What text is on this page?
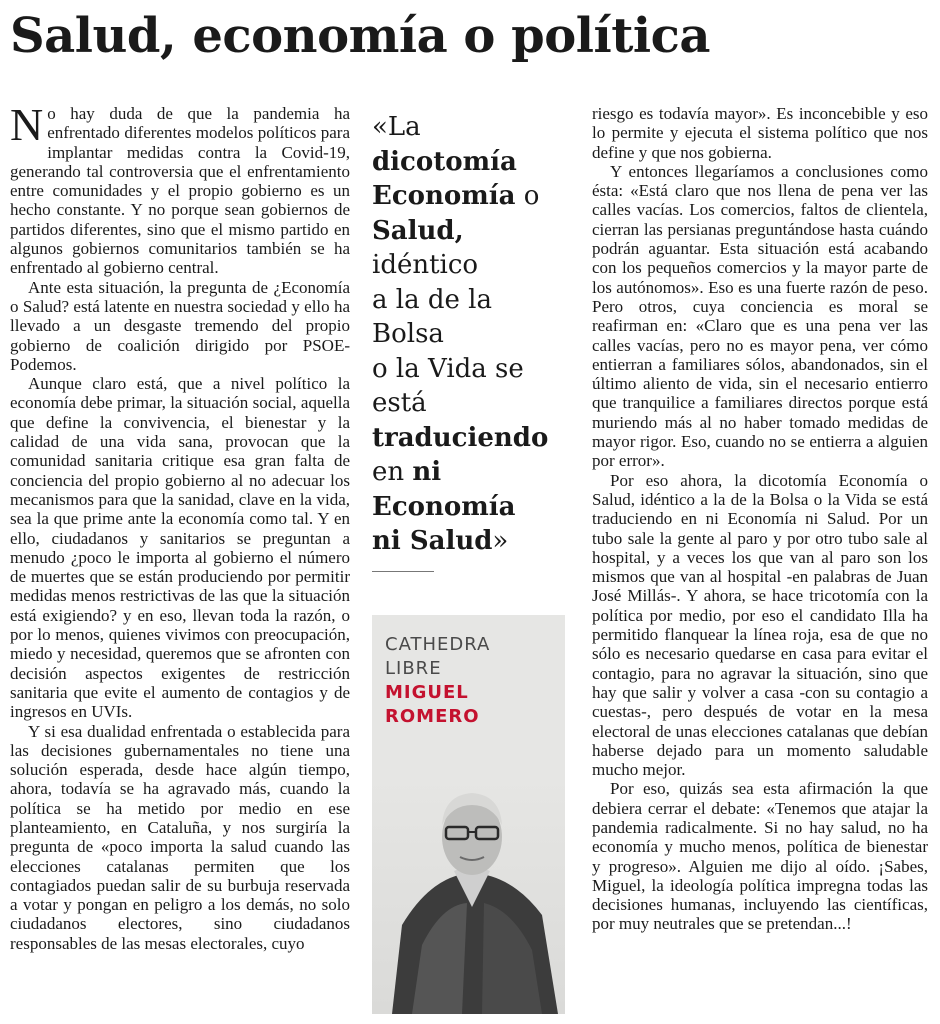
Salud, economía o política

No hay duda de que la pandemia ha enfrentado diferentes modelos políticos para implantar medidas contra la Covid-19, generando tal controversia que el enfrentamiento entre comunidades y el propio gobierno es un hecho constante. Y no porque sean gobiernos de partidos diferentes, sino que el mismo partido en algunos gobiernos comunitarios también se ha enfrentado al gobierno central.

Ante esta situación, la pregunta de ¿Economía o Salud? está latente en nuestra sociedad y ello ha llevado a un desgaste tremendo del propio gobierno de coalición dirigido por PSOE-Podemos.

Aunque claro está, que a nivel político la economía debe primar, la situación social, aquella que define la convivencia, el bienestar y la calidad de una vida sana, provocan que la comunidad sanitaria critique esa gran falta de conciencia del propio gobierno al no adecuar los mecanismos para que la sanidad, clave en la vida, sea la que prime ante la economía como tal. Y en ello, ciudadanos y sanitarios se preguntan a menudo ¿poco le importa al gobierno el número de muertes que se están produciendo por permitir medidas menos restrictivas de las que la situación está exigiendo? y en eso, llevan toda la razón, o por lo menos, quienes vivimos con preocupación, miedo y necesidad, queremos que se afronten con decisión aspectos exigentes de restricción sanitaria que evite el aumento de contagios y de ingresos en UVIs.

Y si esa dualidad enfrentada o establecida para las decisiones gubernamentales no tiene una solución esperada, desde hace algún tiempo, ahora, todavía se ha agravado más, cuando la política se ha metido por medio en ese planteamiento, en Cataluña, y nos surgiría la pregunta de «poco importa la salud cuando las elecciones catalanas permiten que los contagiados puedan salir de su burbuja reservada a votar y pongan en peligro a los demás, no solo ciudadanos electores, sino ciudadanos responsables de las mesas electorales, cuyo

«La
dicotomía
Economía o
Salud,
idéntico
a la de la
Bolsa
o la Vida se
está
traduciendo
en ni
Economía
ni Salud»
CATHEDRA
LIBRE
MIGUEL
ROMERO

riesgo es todavía mayor». Es inconcebible y eso lo permite y ejecuta el sistema político que nos define y que nos gobierna.

Y entonces llegaríamos a conclusiones como ésta: «Está claro que nos llena de pena ver las calles vacías. Los comercios, faltos de clientela, cierran las persianas preguntándose hasta cuándo podrán aguantar. Esta situación está acabando con los pequeños comercios y la mayor parte de los autónomos». Eso es una fuerte razón de peso. Pero otros, cuya conciencia es moral se reafirman en: «Claro que es una pena ver las calles vacías, pero no es mayor pena, ver cómo entierran a familiares sólos, abandonados, sin el último aliento de vida, sin el necesario entierro que tranquilice a familiares directos porque está muriendo más al no haber tomado medidas de mayor rigor. Eso, cuando no se entierra a alguien por error».

Por eso ahora, la dicotomía Economía o Salud, idéntico a la de la Bolsa o la Vida se está traduciendo en ni Economía ni Salud. Por un tubo sale la gente al paro y por otro tubo sale al hospital, y a veces los que van al paro son los mismos que van al hospital -en palabras de Juan José Millás-. Y ahora, se hace tricotomía con la política por medio, por eso el candidato Illa ha permitido flanquear la línea roja, esa de que no sólo es necesario quedarse en casa para evitar el contagio, para no agravar la situación, sino que hay que salir y volver a casa -con su contagio a cuestas-, pero después de votar en la mesa electoral de unas elecciones catalanas que debían haberse dejado para un momento saludable mucho mejor.

Por eso, quizás sea esta afirmación la que debiera cerrar el debate: «Tenemos que atajar la pandemia radicalmente. Si no hay salud, no ha economía y mucho menos, política de bienestar y progreso». Alguien me dijo al oído. ¡Sabes, Miguel, la ideología política impregna todas las decisiones humanas, incluyendo las científicas, por muy neutrales que se pretendan...!
